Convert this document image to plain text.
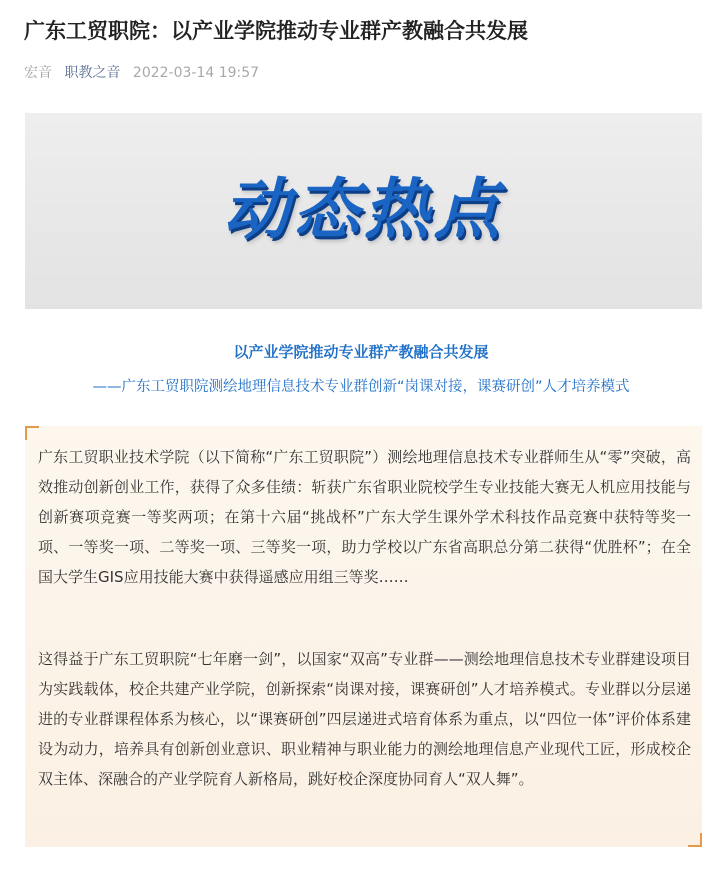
广东工贸职院：以产业学院推动专业群产教融合共发展
宏音 职教之音 2022-03-14 19:57
动态热点

以产业学院推动专业群产教融合共发展

——广东工贸职院测绘地理信息技术专业群创新“岗课对接，课赛研创”人才培养模式

广东工贸职业技术学院（以下简称“广东工贸职院”）测绘地理信息技术专业群师生从“零”突破，高效推动创新创业工作，获得了众多佳绩：斩获广东省职业院校学生专业技能大赛无人机应用技能与创新赛项竞赛一等奖两项；在第十六届“挑战杯”广东大学生课外学术科技作品竞赛中获特等奖一项、一等奖一项、二等奖一项、三等奖一项，助力学校以广东省高职总分第二获得“优胜杯”；在全国大学生GIS应用技能大赛中获得遥感应用组三等奖……

这得益于广东工贸职院“七年磨一剑”，以国家“双高”专业群——测绘地理信息技术专业群建设项目为实践载体，校企共建产业学院，创新探索“岗课对接，课赛研创”人才培养模式。专业群以分层递进的专业群课程体系为核心，以“课赛研创”四层递进式培育体系为重点，以“四位一体”评价体系建设为动力，培养具有创新创业意识、职业精神与职业能力的测绘地理信息产业现代工匠，形成校企双主体、深融合的产业学院育人新格局，跳好校企深度协同育人“双人舞”。
